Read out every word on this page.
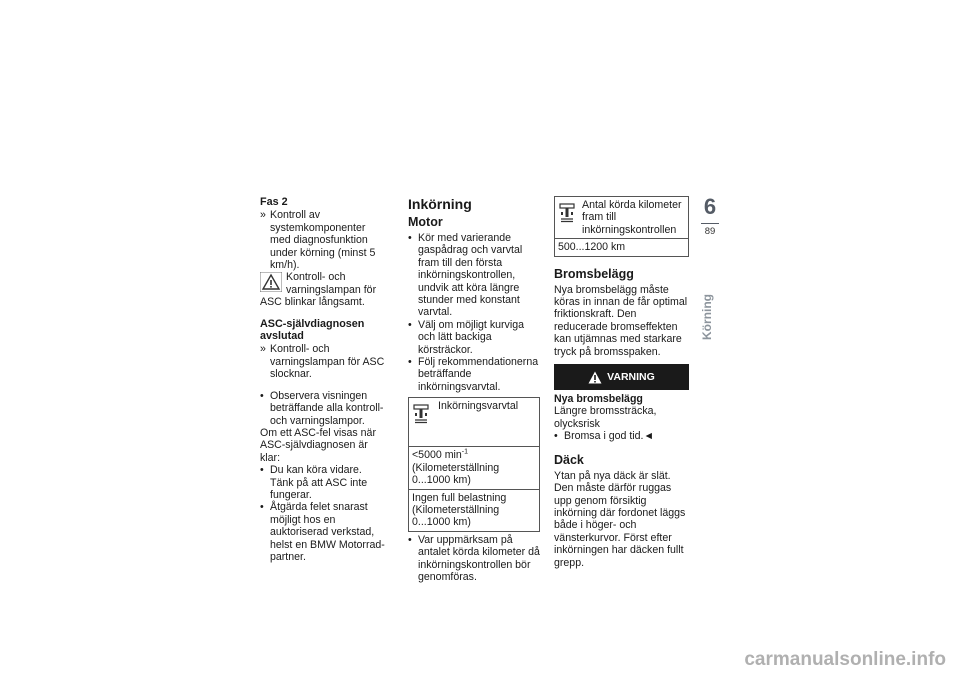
Fas 2

» Kontroll av systemkomponenter med diagnosfunktion under körning (minst 5 km/h).
Kontroll- och varningslampan för ASC blinkar långsamt.

ASC-självdiagnosen avslutad

» Kontroll- och varningslampan för ASC slocknar.
• Observera visningen beträffande alla kontroll- och varningslampor.

Om ett ASC-fel visas när ASC-självdiagnosen är klar:

• Du kan köra vidare. Tänk på att ASC inte fungerar.
• Åtgärda felet snarast möjligt hos en auktoriserad verkstad, helst en BMW Motorrad-partner.

Inkörning

Motor

• Kör med varierande gaspådrag och varvtal fram till den första inkörningskontrollen, undvik att köra längre stunder med konstant varvtal.
• Välj om möjligt kurviga och lätt backiga körsträckor.
• Följ rekommendationerna beträffande inkörningsvarvtal.
Inkörningsvarvtal
<5000 $\min^{-1}$ (Kilometerställning 0...1000 km)
Ingen full belastning (Kilometerställning 0...1000 km)
• Var uppmärksam på antalet körda kilometer då inkörningskontrollen bör genomföras.
Antal körda kilometer fram till inkörningskontrollen
500...1200 km

Bromsbelägg

Nya bromsbelägg måste köras in innan de får optimal friktionskraft. Den reducerade bromseffekten kan utjämnas med starkare tryck på bromsspaken.

VARNING

Nya bromsbelägg

Längre bromssträcka, olycksrisk

• Bromsa i god tid.◄

Däck

Ytan på nya däck är slät. Den måste därför ruggas upp genom försiktig inkörning där fordonet läggs både i höger- och vänsterkurvor. Först efter inkörningen har däcken fullt grepp.

6
89
Körning
carmanualsonline.info
